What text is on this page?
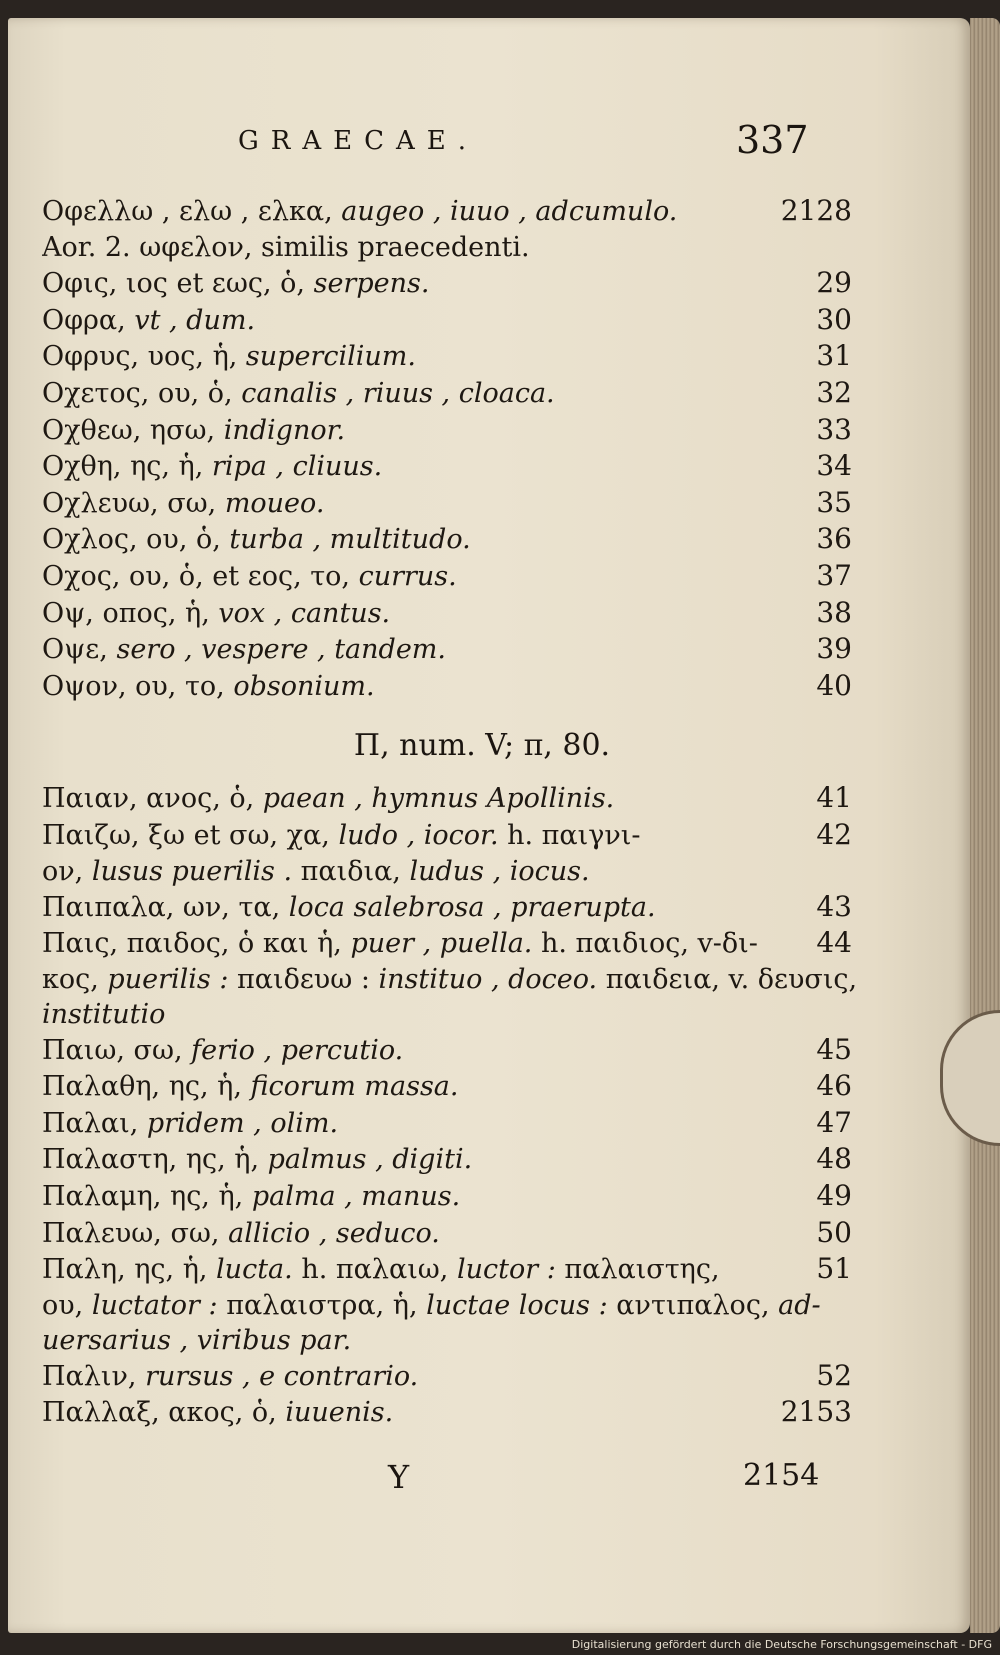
GRAECAE.	337
Οφελλω , ελω , ελκα, augeo , iuuo , adcumulo.	2128
Aor. 2. ωφελον, similis praecedenti.
Οφις, ιος et εως, ὁ, serpens.	29
Οφρα, vt , dum.	30
Οφρυς, υος, ἡ, supercilium.	31
Οχετος, ου, ὁ, canalis , riuus , cloaca.	32
Οχθεω, ησω, indignor.	33
Οχθη, ης, ἡ, ripa , cliuus.	34
Οχλευω, σω, moueo.	35
Οχλος, ου, ὁ, turba , multitudo.	36
Οχος, ου, ὁ, et εος, το, currus.	37
Οψ, οπος, ἡ, vox , cantus.	38
Οψε, sero , vespere , tandem.	39
Οψον, ου, το, obsonium.	40
Π, num. V; π, 80.
Παιαν, ανος, ὁ, paean , hymnus Apollinis.	41
Παιζω, ξω et σω, χα, ludo , iocor. h. παιγνι-	42
ον, lusus puerilis . παιδια, ludus , iocus.
Παιπαλα, ων, τα, loca salebrosa , praerupta.	43
Παις, παιδος, ὁ και ἡ, puer , puella. h. παιδιος, v-δι-	44
κος, puerilis : παιδευω : instituo , doceo. παιδεια, v. δευσις,
institutio
Παιω, σω, ferio , percutio.	45
Παλαθη, ης, ἡ, ficorum massa.	46
Παλαι, pridem , olim.	47
Παλαστη, ης, ἡ, palmus , digiti.	48
Παλαμη, ης, ἡ, palma , manus.	49
Παλευω, σω, allicio , seduco.	50
Παλη, ης, ἡ, lucta. h. παλαιω, luctor : παλαιστης,	51
ου, luctator : παλαιστρα, ἡ, luctae locus : αντιπαλος, ad-
uersarius , viribus par.
Παλιν, rursus , e contrario.	52
Παλλαξ, ακος, ὁ, iuuenis.	2153
Y	2154
Digitalisierung gefördert durch die Deutsche Forschungsgemeinschaft - DFG
